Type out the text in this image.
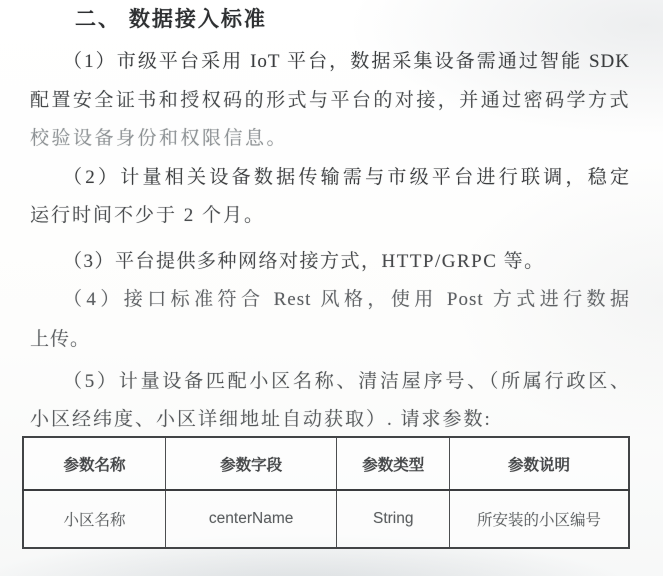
二、 数据接入标准
（1）市级平台采用 IoT 平台，数据采集设备需通过智能 SDK
配置安全证书和授权码的形式与平台的对接，并通过密码学方式
校验设备身份和权限信息。
（2）计量相关设备数据传输需与市级平台进行联调，稳定
运行时间不少于 2 个月。
（3）平台提供多种网络对接方式，HTTP/GRPC 等。
（4）接口标准符合 Rest 风格，使用 Post 方式进行数据
上传。
（5）计量设备匹配小区名称、清洁屋序号、（所属行政区、
小区经纬度、小区详细地址自动获取）. 请求参数:
参数名称	参数字段	参数类型	参数说明
小区名称	centerName	String	所安装的小区编号
